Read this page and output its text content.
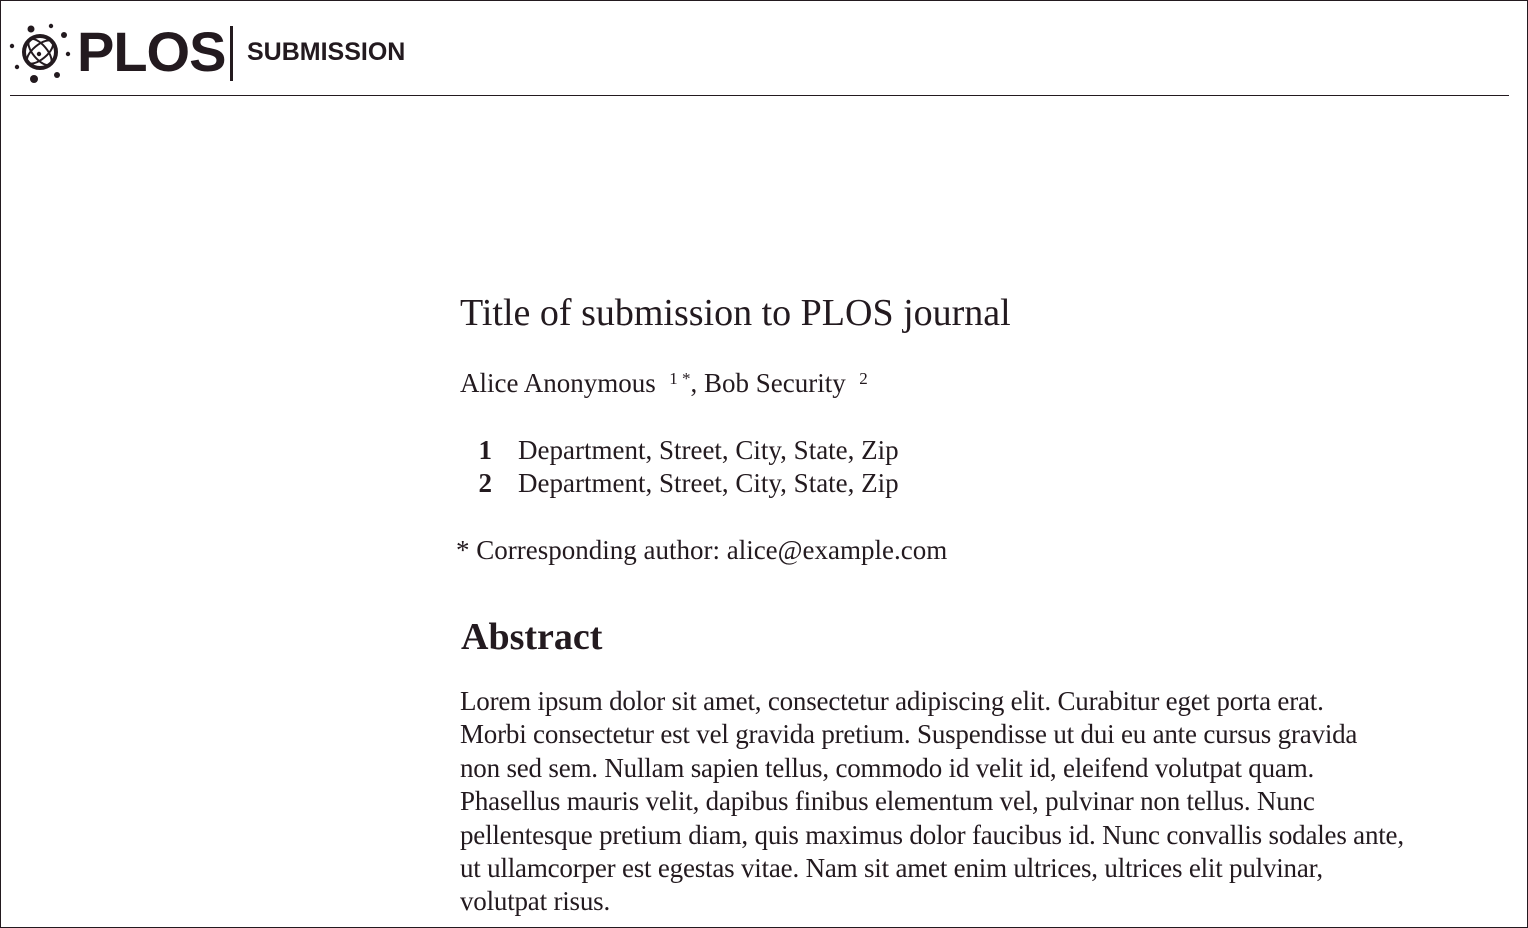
PLOS SUBMISSION
Title of submission to PLOS journal
Alice Anonymous $^{1 *}$, Bob Security $^2$
1 Department, Street, City, State, Zip
2 Department, Street, City, State, Zip
* Corresponding author: alice@example.com
Abstract
Lorem ipsum dolor sit amet, consectetur adipiscing elit. Curabitur eget porta erat.
Morbi consectetur est vel gravida pretium. Suspendisse ut dui eu ante cursus gravida
non sed sem. Nullam sapien tellus, commodo id velit id, eleifend volutpat quam.
Phasellus mauris velit, dapibus finibus elementum vel, pulvinar non tellus. Nunc
pellentesque pretium diam, quis maximus dolor faucibus id. Nunc convallis sodales ante,
ut ullamcorper est egestas vitae. Nam sit amet enim ultrices, ultrices elit pulvinar,
volutpat risus.
